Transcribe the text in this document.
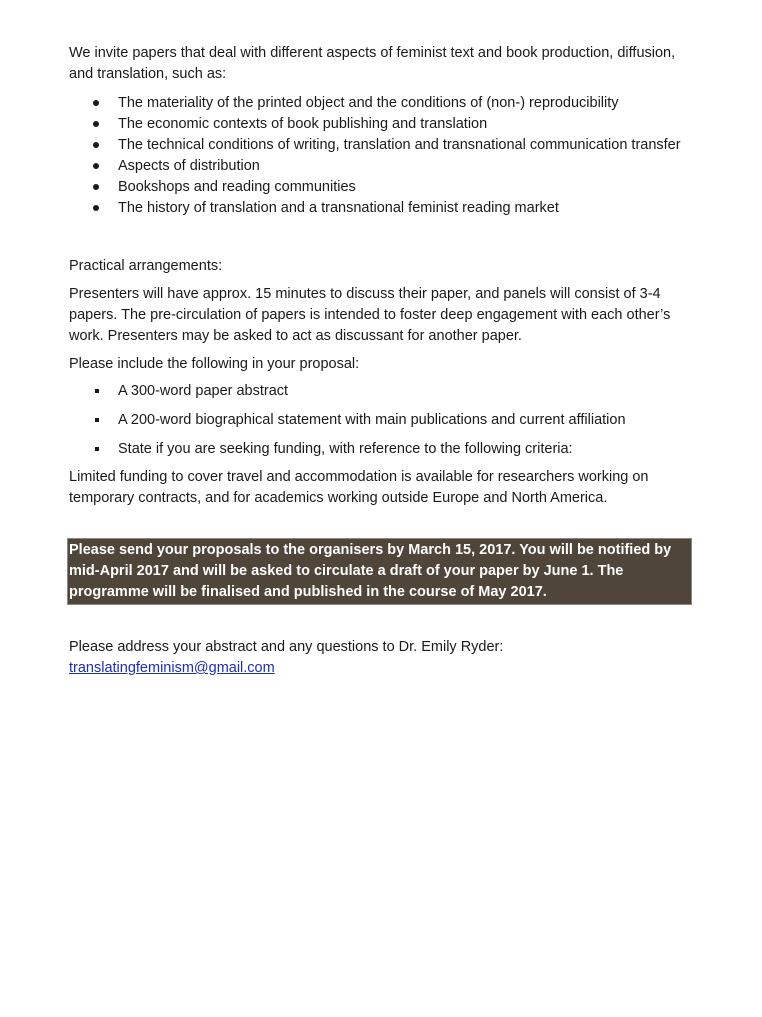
We invite papers that deal with different aspects of feminist text and book production, diffusion, and translation, such as:

The materiality of the printed object and the conditions of (non-) reproducibility
The economic contexts of book publishing and translation
The technical conditions of writing, translation and transnational communication transfer
Aspects of distribution
Bookshops and reading communities
The history of translation and a transnational feminist reading market

Practical arrangements:

Presenters will have approx. 15 minutes to discuss their paper, and panels will consist of 3-4 papers. The pre-circulation of papers is intended to foster deep engagement with each other’s work. Presenters may be asked to act as discussant for another paper.

Please include the following in your proposal:

A 300-word paper abstract
A 200-word biographical statement with main publications and current affiliation
State if you are seeking funding, with reference to the following criteria:

Limited funding to cover travel and accommodation is available for researchers working on temporary contracts, and for academics working outside Europe and North America.

Please send your proposals to the organisers by March 15, 2017. You will be notified by mid-April 2017 and will be asked to circulate a draft of your paper by June 1. The programme will be finalised and published in the course of May 2017.

Please address your abstract and any questions to Dr. Emily Ryder:
translatingfeminism@gmail.com
